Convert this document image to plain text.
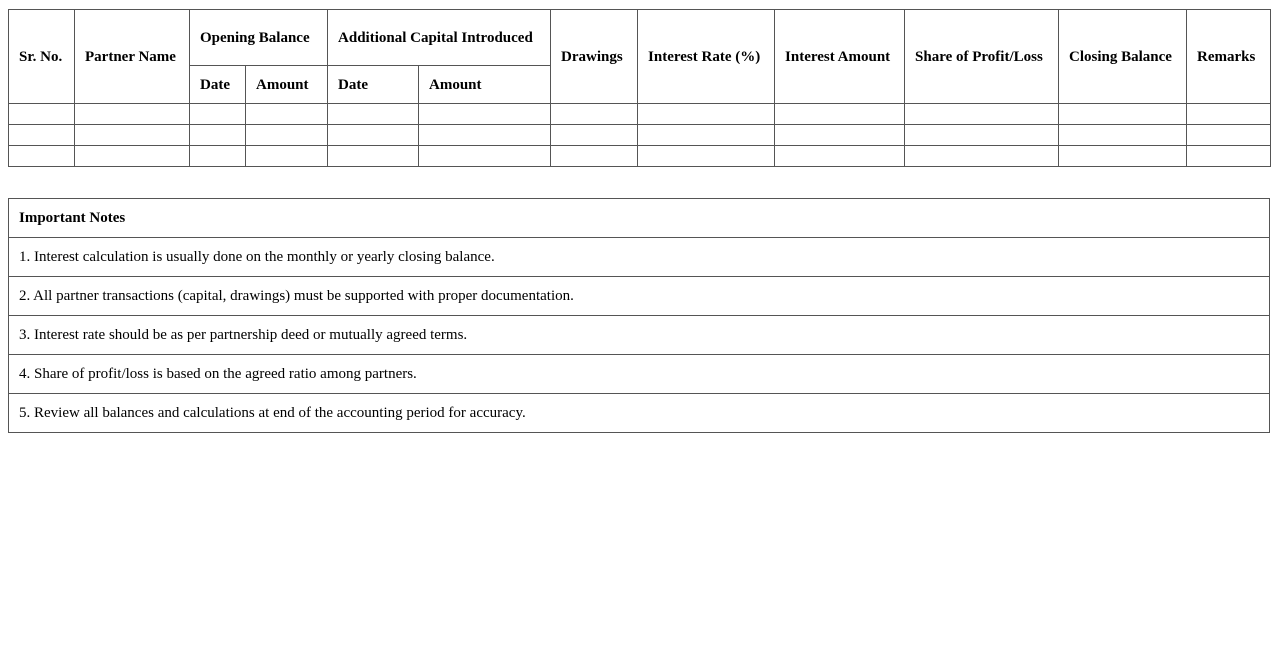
Sr. No.	Partner Name	Opening Balance		Additional Capital Introduced		Drawings	Interest Rate (%)	Interest Amount	Share of Profit/Loss	Closing Balance	Remarks
		Date	Amount	Date	Amount						

Important Notes
1. Interest calculation is usually done on the monthly or yearly closing balance.
2. All partner transactions (capital, drawings) must be supported with proper documentation.
3. Interest rate should be as per partnership deed or mutually agreed terms.
4. Share of profit/loss is based on the agreed ratio among partners.
5. Review all balances and calculations at end of the accounting period for accuracy.
